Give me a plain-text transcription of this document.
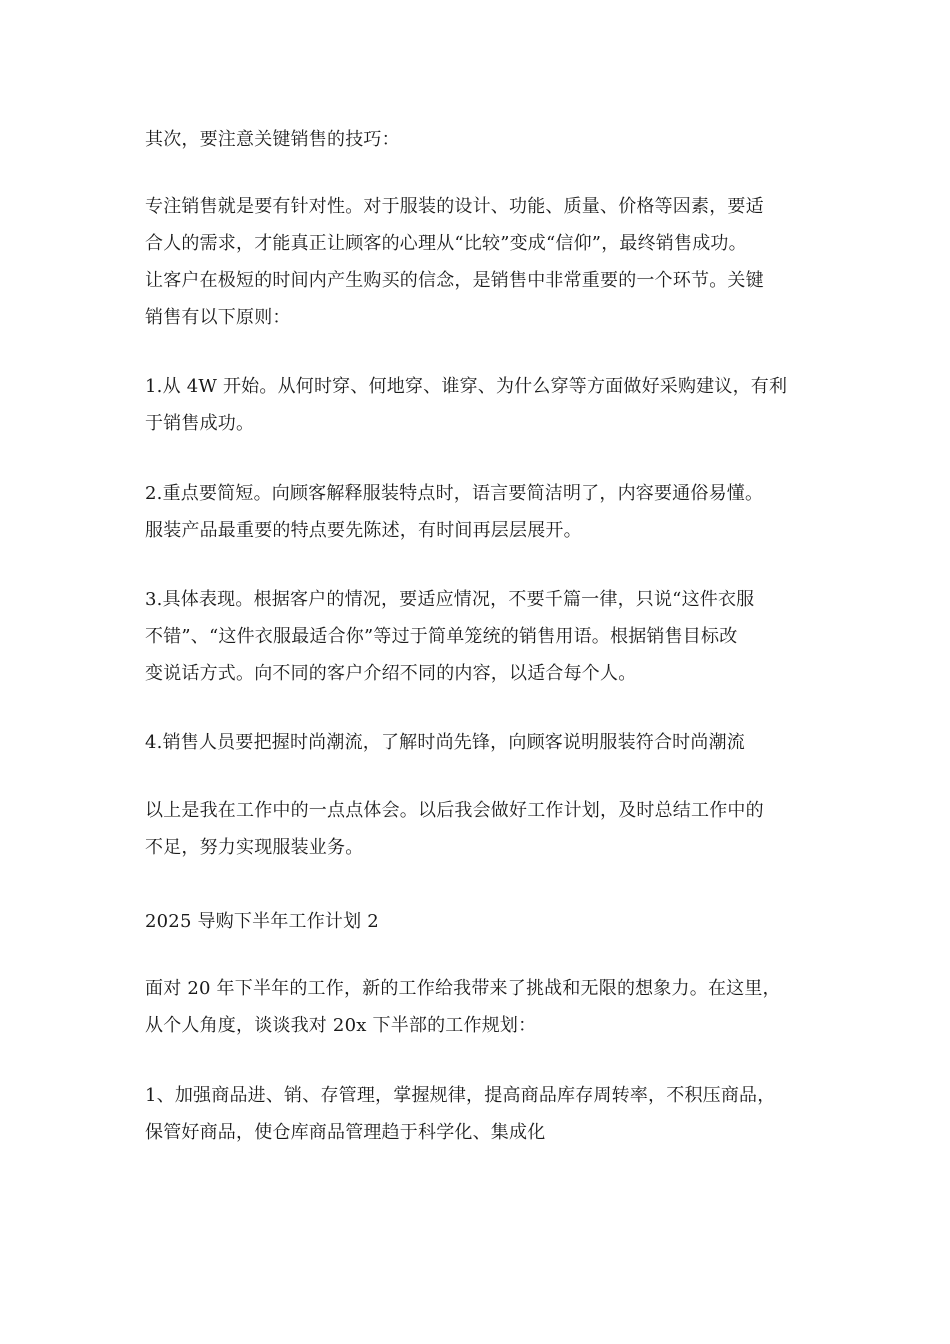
其次，要注意关键销售的技巧：

专注销售就是要有针对性。对于服装的设计、功能、质量、价格等因素，要适
合人的需求，才能真正让顾客的心理从“比较”变成“信仰”，最终销售成功。
让客户在极短的时间内产生购买的信念，是销售中非常重要的一个环节。关键
销售有以下原则：

1.从 4W 开始。从何时穿、何地穿、谁穿、为什么穿等方面做好采购建议，有利
于销售成功。

2.重点要简短。向顾客解释服装特点时，语言要简洁明了，内容要通俗易懂。
服装产品最重要的特点要先陈述，有时间再层层展开。

3.具体表现。根据客户的情况，要适应情况，不要千篇一律，只说“这件衣服
不错”、“这件衣服最适合你”等过于简单笼统的销售用语。根据销售目标改
变说话方式。向不同的客户介绍不同的内容，以适合每个人。

4.销售人员要把握时尚潮流，了解时尚先锋，向顾客说明服装符合时尚潮流

以上是我在工作中的一点点体会。以后我会做好工作计划，及时总结工作中的
不足，努力实现服装业务。

2025 导购下半年工作计划 2

面对 20 年下半年的工作，新的工作给我带来了挑战和无限的想象力。在这里，
从个人角度，谈谈我对 20x 下半部的工作规划：

1、加强商品进、销、存管理，掌握规律，提高商品库存周转率，不积压商品，
保管好商品，使仓库商品管理趋于科学化、集成化
